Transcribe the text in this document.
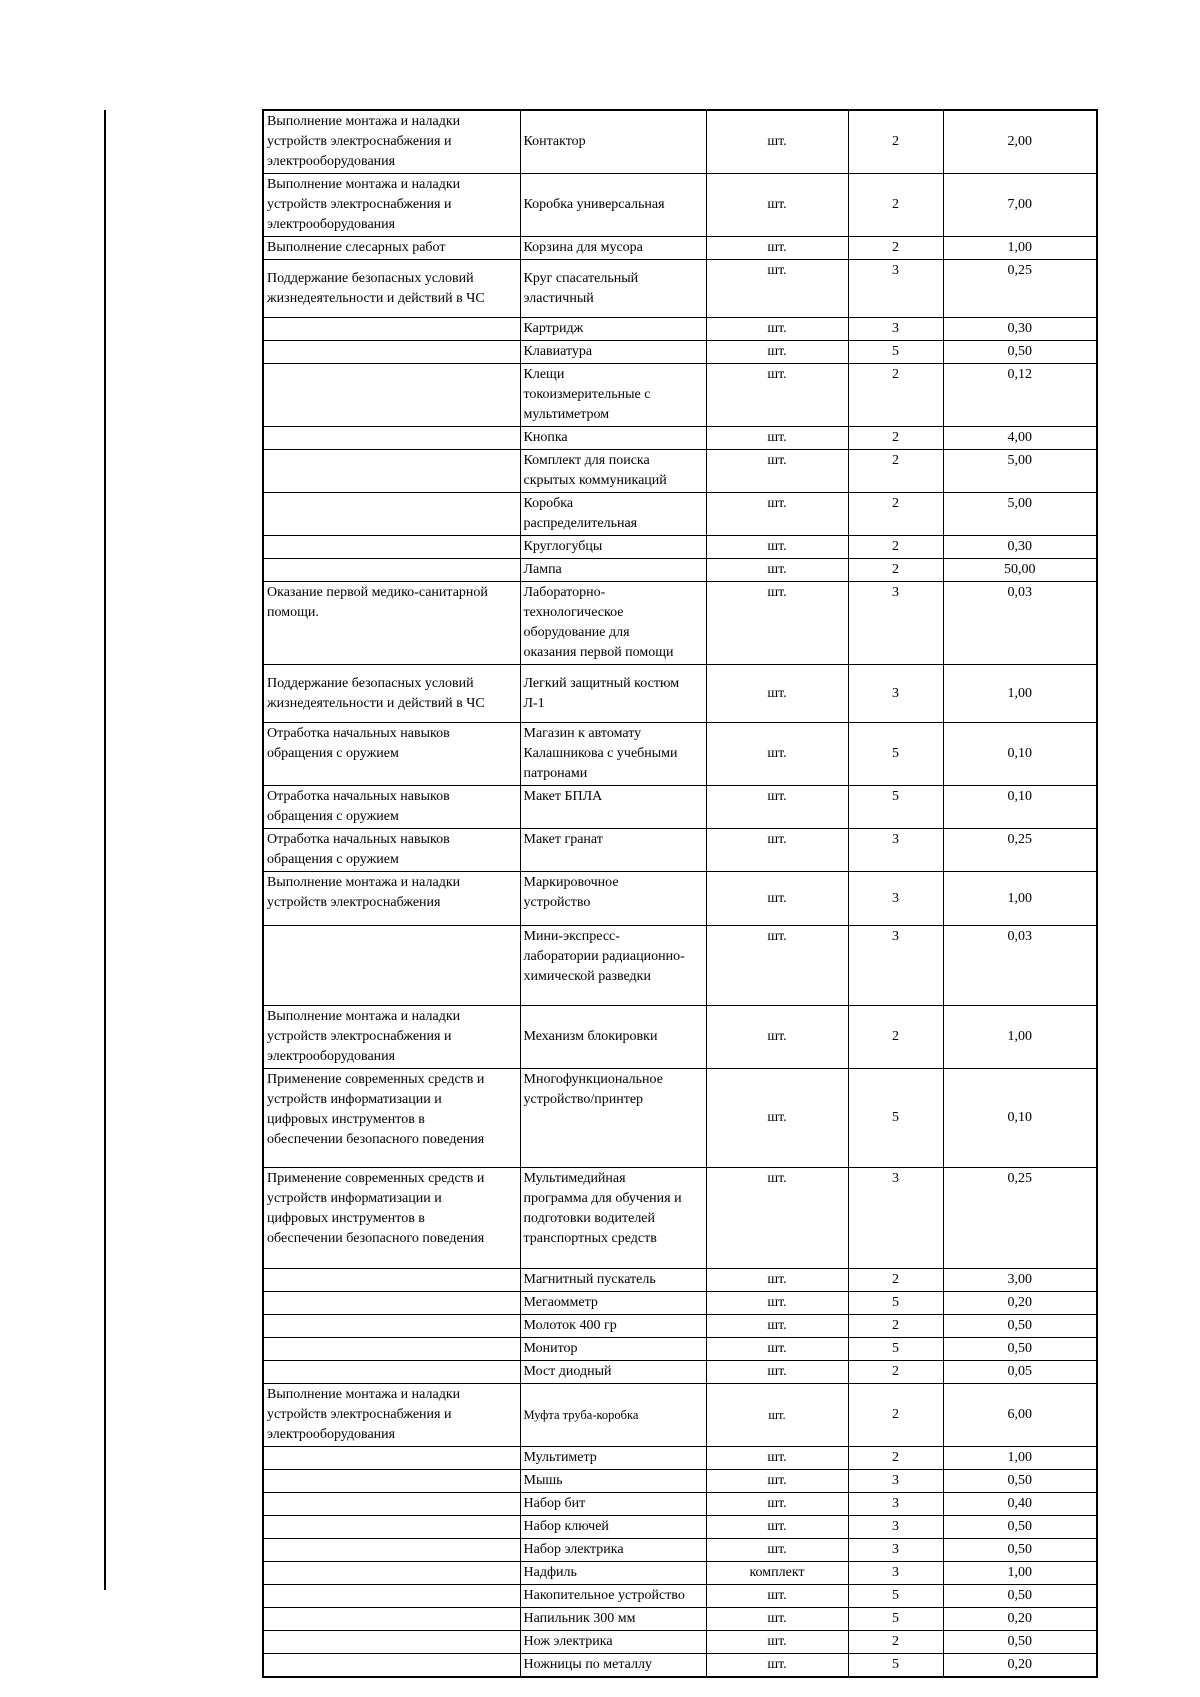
Выполнение монтажа и наладки
устройств электроснабжения и
электрооборудования	Контактор	шт.	2	2,00
Выполнение монтажа и наладки
устройств электроснабжения и
электрооборудования	Коробка универсальная	шт.	2	7,00
Выполнение слесарных работ	Корзина для мусора	шт.	2	1,00
Поддержание безопасных условий
жизнедеятельности и действий в ЧС	Круг спасательный
эластичный	шт.	3	0,25
	Картридж	шт.	3	0,30
	Клавиатура	шт.	5	0,50
	Клещи
токоизмерительные с
мультиметром	шт.	2	0,12
	Кнопка	шт.	2	4,00
	Комплект для поиска
скрытых коммуникаций	шт.	2	5,00
	Коробка
распределительная	шт.	2	5,00
	Круглогубцы	шт.	2	0,30
	Лампа	шт.	2	50,00
Оказание первой медико-санитарной
помощи.	Лабораторно-
технологическое
оборудование для
оказания первой помощи	шт.	3	0,03
Поддержание безопасных условий
жизнедеятельности и действий в ЧС	Легкий защитный костюм
Л-1	шт.	3	1,00
Отработка начальных навыков
обращения с оружием	Магазин к автомату
Калашникова с учебными
патронами	шт.	5	0,10
Отработка начальных навыков
обращения с оружием	Макет БПЛА	шт.	5	0,10
Отработка начальных навыков
обращения с оружием	Макет гранат	шт.	3	0,25
Выполнение монтажа и наладки
устройств электроснабжения	Маркировочное
устройство	шт.	3	1,00
	Мини-экспресс-
лаборатории радиационно-
химической разведки	шт.	3	0,03
Выполнение монтажа и наладки
устройств электроснабжения и
электрооборудования	Механизм блокировки	шт.	2	1,00
Применение современных средств и
устройств информатизации и
цифровых инструментов в
обеспечении безопасного поведения	Многофункциональное
устройство/принтер	шт.	5	0,10
Применение современных средств и
устройств информатизации и
цифровых инструментов в
обеспечении безопасного поведения	Мультимедийная
программа для обучения и
подготовки водителей
транспортных средств	шт.	3	0,25
	Магнитный пускатель	шт.	2	3,00
	Мегаомметр	шт.	5	0,20
	Молоток 400 гр	шт.	2	0,50
	Монитор	шт.	5	0,50
	Мост диодный	шт.	2	0,05
Выполнение монтажа и наладки
устройств электроснабжения и
электрооборудования	Муфта труба-коробка	шт.	2	6,00
	Мультиметр	шт.	2	1,00
	Мышь	шт.	3	0,50
	Набор бит	шт.	3	0,40
	Набор ключей	шт.	3	0,50
	Набор электрика	шт.	3	0,50
	Надфиль	комплект	3	1,00
	Накопительное устройство	шт.	5	0,50
	Напильник 300 мм	шт.	5	0,20
	Нож электрика	шт.	2	0,50
	Ножницы по металлу	шт.	5	0,20
